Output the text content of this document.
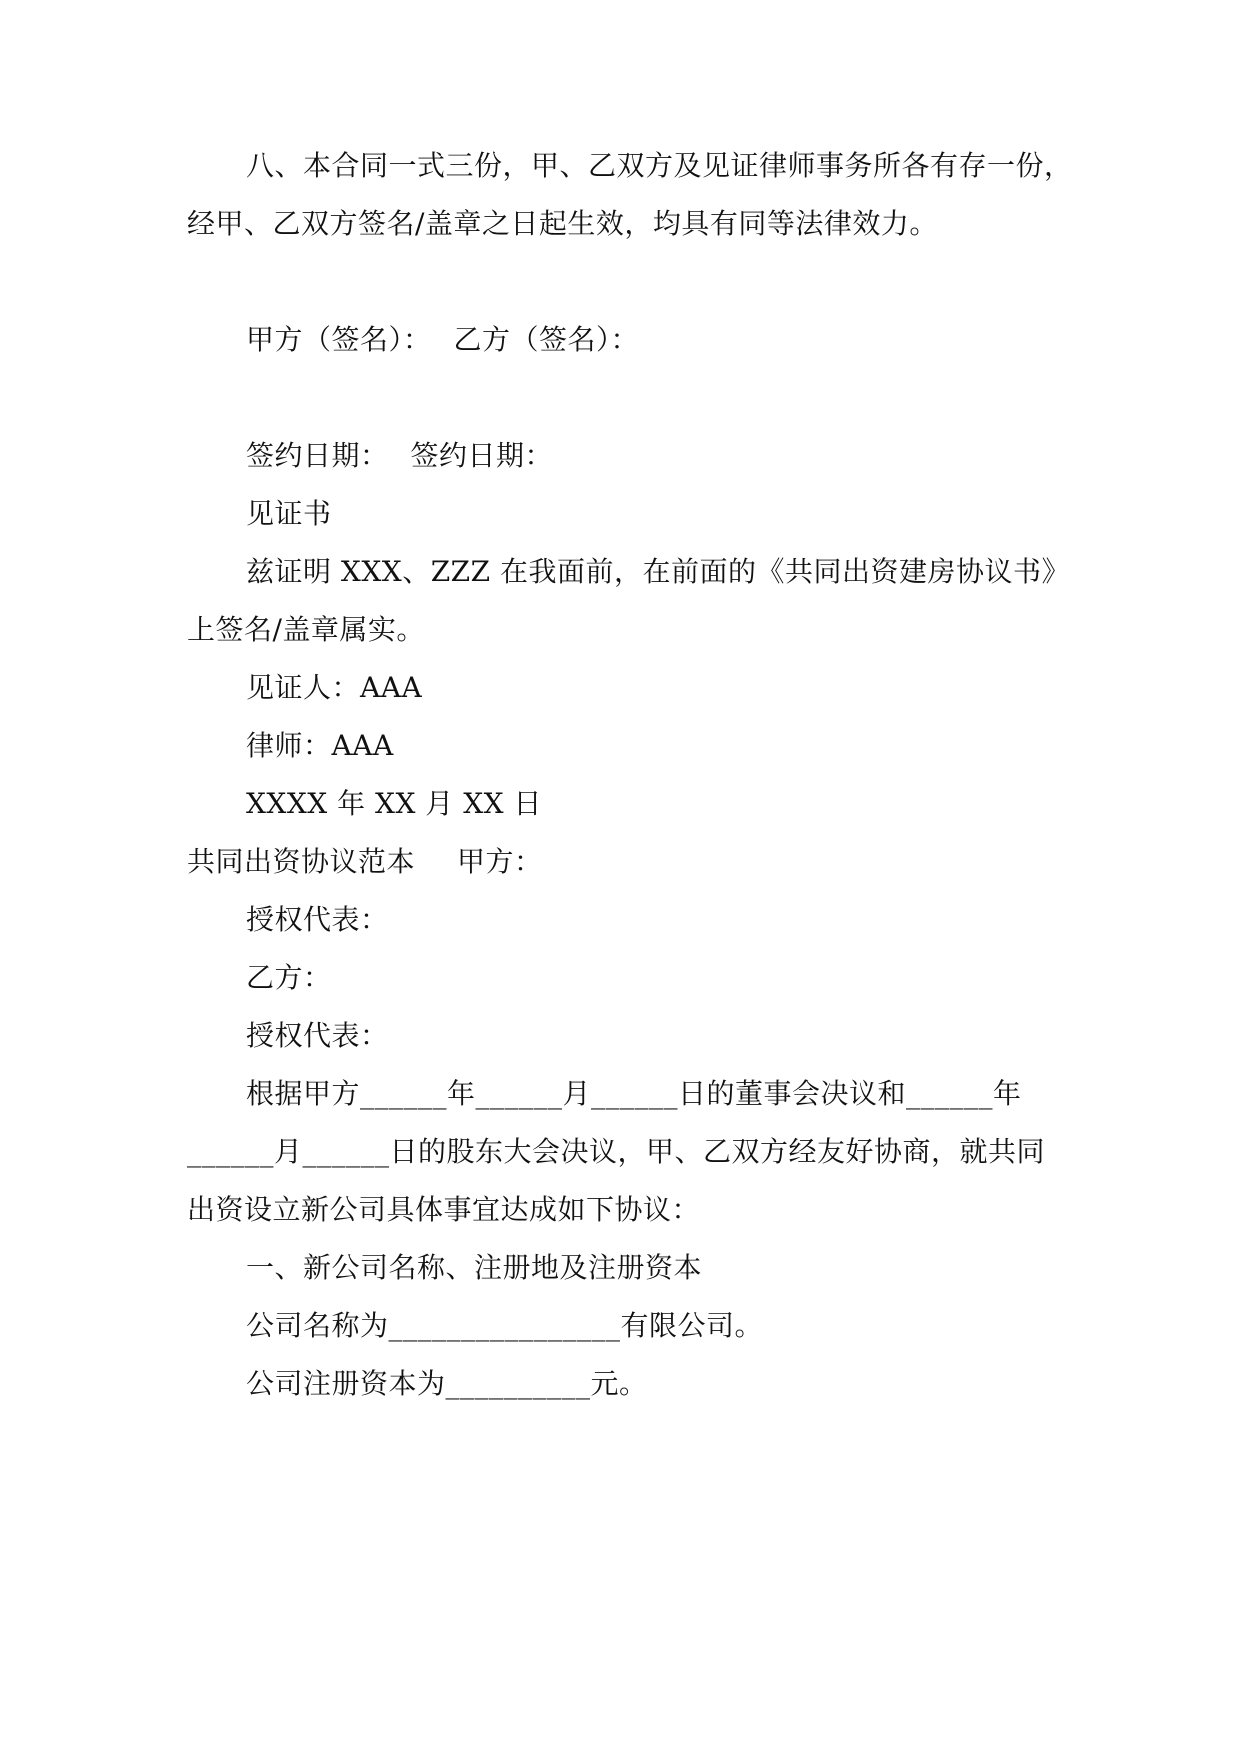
八、本合同一式三份，甲、乙双方及见证律师事务所各有存一份，
经甲、乙双方签名/盖章之日起生效，均具有同等法律效力。
甲方（签名）： 乙方（签名）：
签约日期： 签约日期：
见证书
兹证明 XXX、ZZZ 在我面前，在前面的《共同出资建房协议书》
上签名/盖章属实。
见证人：AAA
律师：AAA
XXXX 年 XX 月 XX 日
共同出资协议范本 甲方：
授权代表：
乙方：
授权代表：
根据甲方______年______月______日的董事会决议和______年
______月______日的股东大会决议，甲、乙双方经友好协商，就共同
出资设立新公司具体事宜达成如下协议：
一、新公司名称、注册地及注册资本
公司名称为________________有限公司。
公司注册资本为__________元。
